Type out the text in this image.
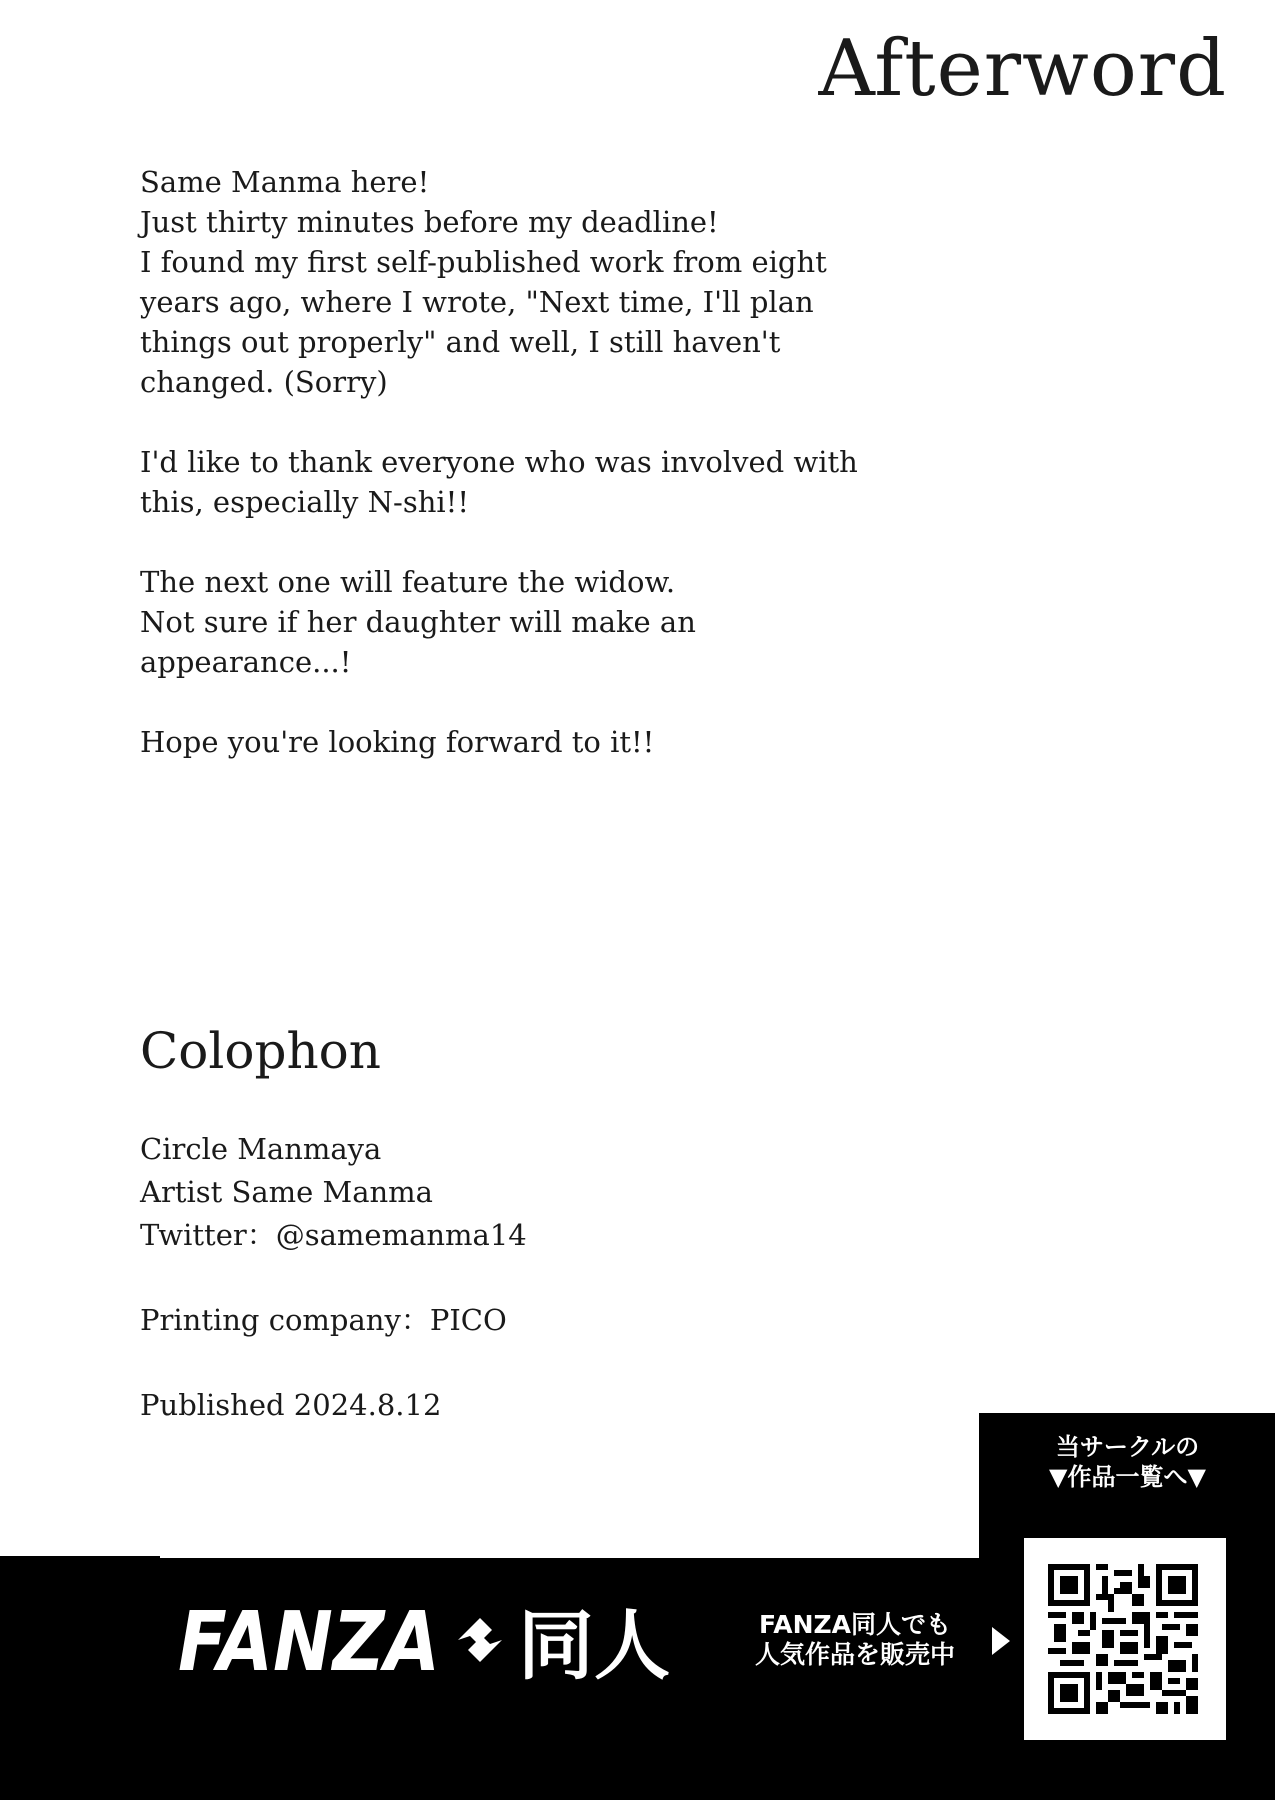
Afterword

Same Manma here!
Just thirty minutes before my deadline!
I found my first self-published work from eight
years ago, where I wrote, "Next time, I'll plan
things out properly" and well, I still haven't
changed. (Sorry)

I'd like to thank everyone who was involved with
this, especially N-shi!!

The next one will feature the widow.
Not sure if her daughter will make an
appearance...!

Hope you're looking forward to it!!

Colophon
Circle Manmaya
Artist Same Manma
Twitter：@samemanma14
Printing company：PICO
Published 2024.8.12
当サークルの
▼作品一覧へ▼
FANZA 同人	FANZA同人でも
人気作品を販売中
